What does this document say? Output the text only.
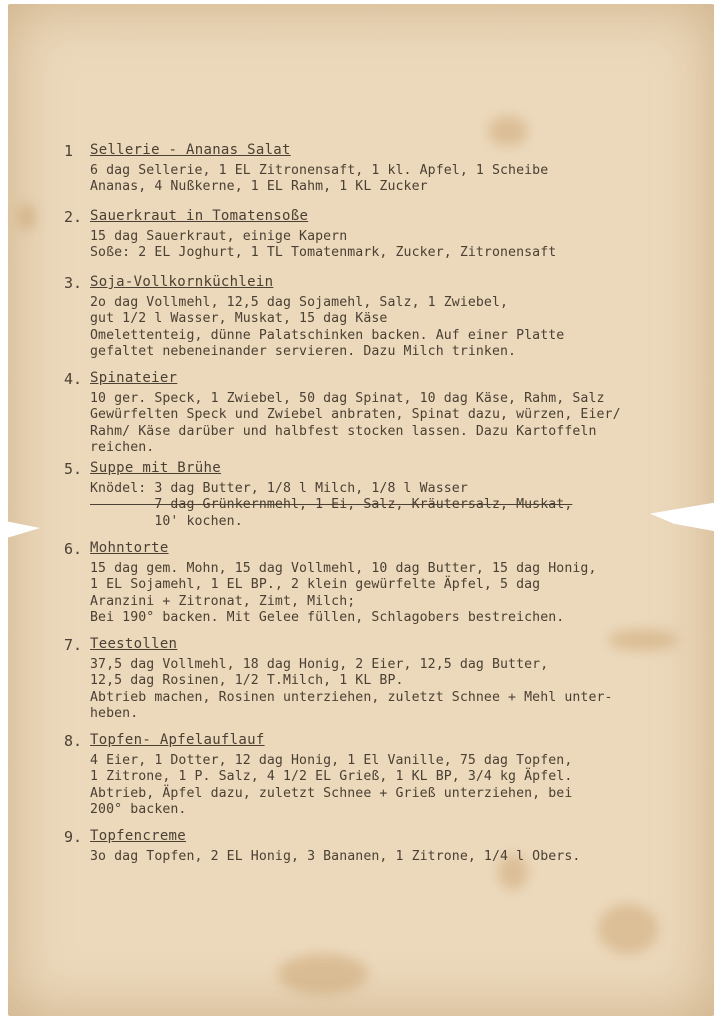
1 Sellerie - Ananas Salat
6 dag Sellerie, 1 EL Zitronensaft, 1 kl. Apfel, 1 Scheibe
Ananas, 4 Nußkerne, 1 EL Rahm, 1 KL Zucker
2. Sauerkraut in Tomatensoße
15 dag Sauerkraut, einige Kapern
Soße: 2 EL Joghurt, 1 TL Tomatenmark, Zucker, Zitronensaft
3. Soja-Vollkornküchlein
2o dag Vollmehl, 12,5 dag Sojamehl, Salz, 1 Zwiebel,
gut 1/2 l Wasser, Muskat, 15 dag Käse
Omelettenteig, dünne Palatschinken backen. Auf einer Platte
gefaltet nebeneinander servieren. Dazu Milch trinken.
4. Spinateier
10 ger. Speck, 1 Zwiebel, 50 dag Spinat, 10 dag Käse, Rahm, Salz
Gewürfelten Speck und Zwiebel anbraten, Spinat dazu, würzen, Eier/
Rahm/ Käse darüber und halbfest stocken lassen. Dazu Kartoffeln
reichen.
5. Suppe mit Brühe
Knödel: 3 dag Butter, 1/8 l Milch, 1/8 l Wasser
7 dag Grünkernmehl, 1 Ei, Salz, Kräutersalz, Muskat,
10' kochen.
6. Mohntorte
15 dag gem. Mohn, 15 dag Vollmehl, 10 dag Butter, 15 dag Honig,
1 EL Sojamehl, 1 EL BP., 2 klein gewürfelte Äpfel, 5 dag
Aranzini + Zitronat, Zimt, Milch;
Bei 190° backen. Mit Gelee füllen, Schlagobers bestreichen.
7. Teestollen
37,5 dag Vollmehl, 18 dag Honig, 2 Eier, 12,5 dag Butter,
12,5 dag Rosinen, 1/2 T.Milch, 1 KL BP.
Abtrieb machen, Rosinen unterziehen, zuletzt Schnee + Mehl unter-
heben.
8. Topfen- Apfelauflauf
4 Eier, 1 Dotter, 12 dag Honig, 1 El Vanille, 75 dag Topfen,
1 Zitrone, 1 P. Salz, 4 1/2 EL Grieß, 1 KL BP, 3/4 kg Äpfel.
Abtrieb, Äpfel dazu, zuletzt Schnee + Grieß unterziehen, bei
200° backen.
9. Topfencreme
3o dag Topfen, 2 EL Honig, 3 Bananen, 1 Zitrone, 1/4 l Obers.
